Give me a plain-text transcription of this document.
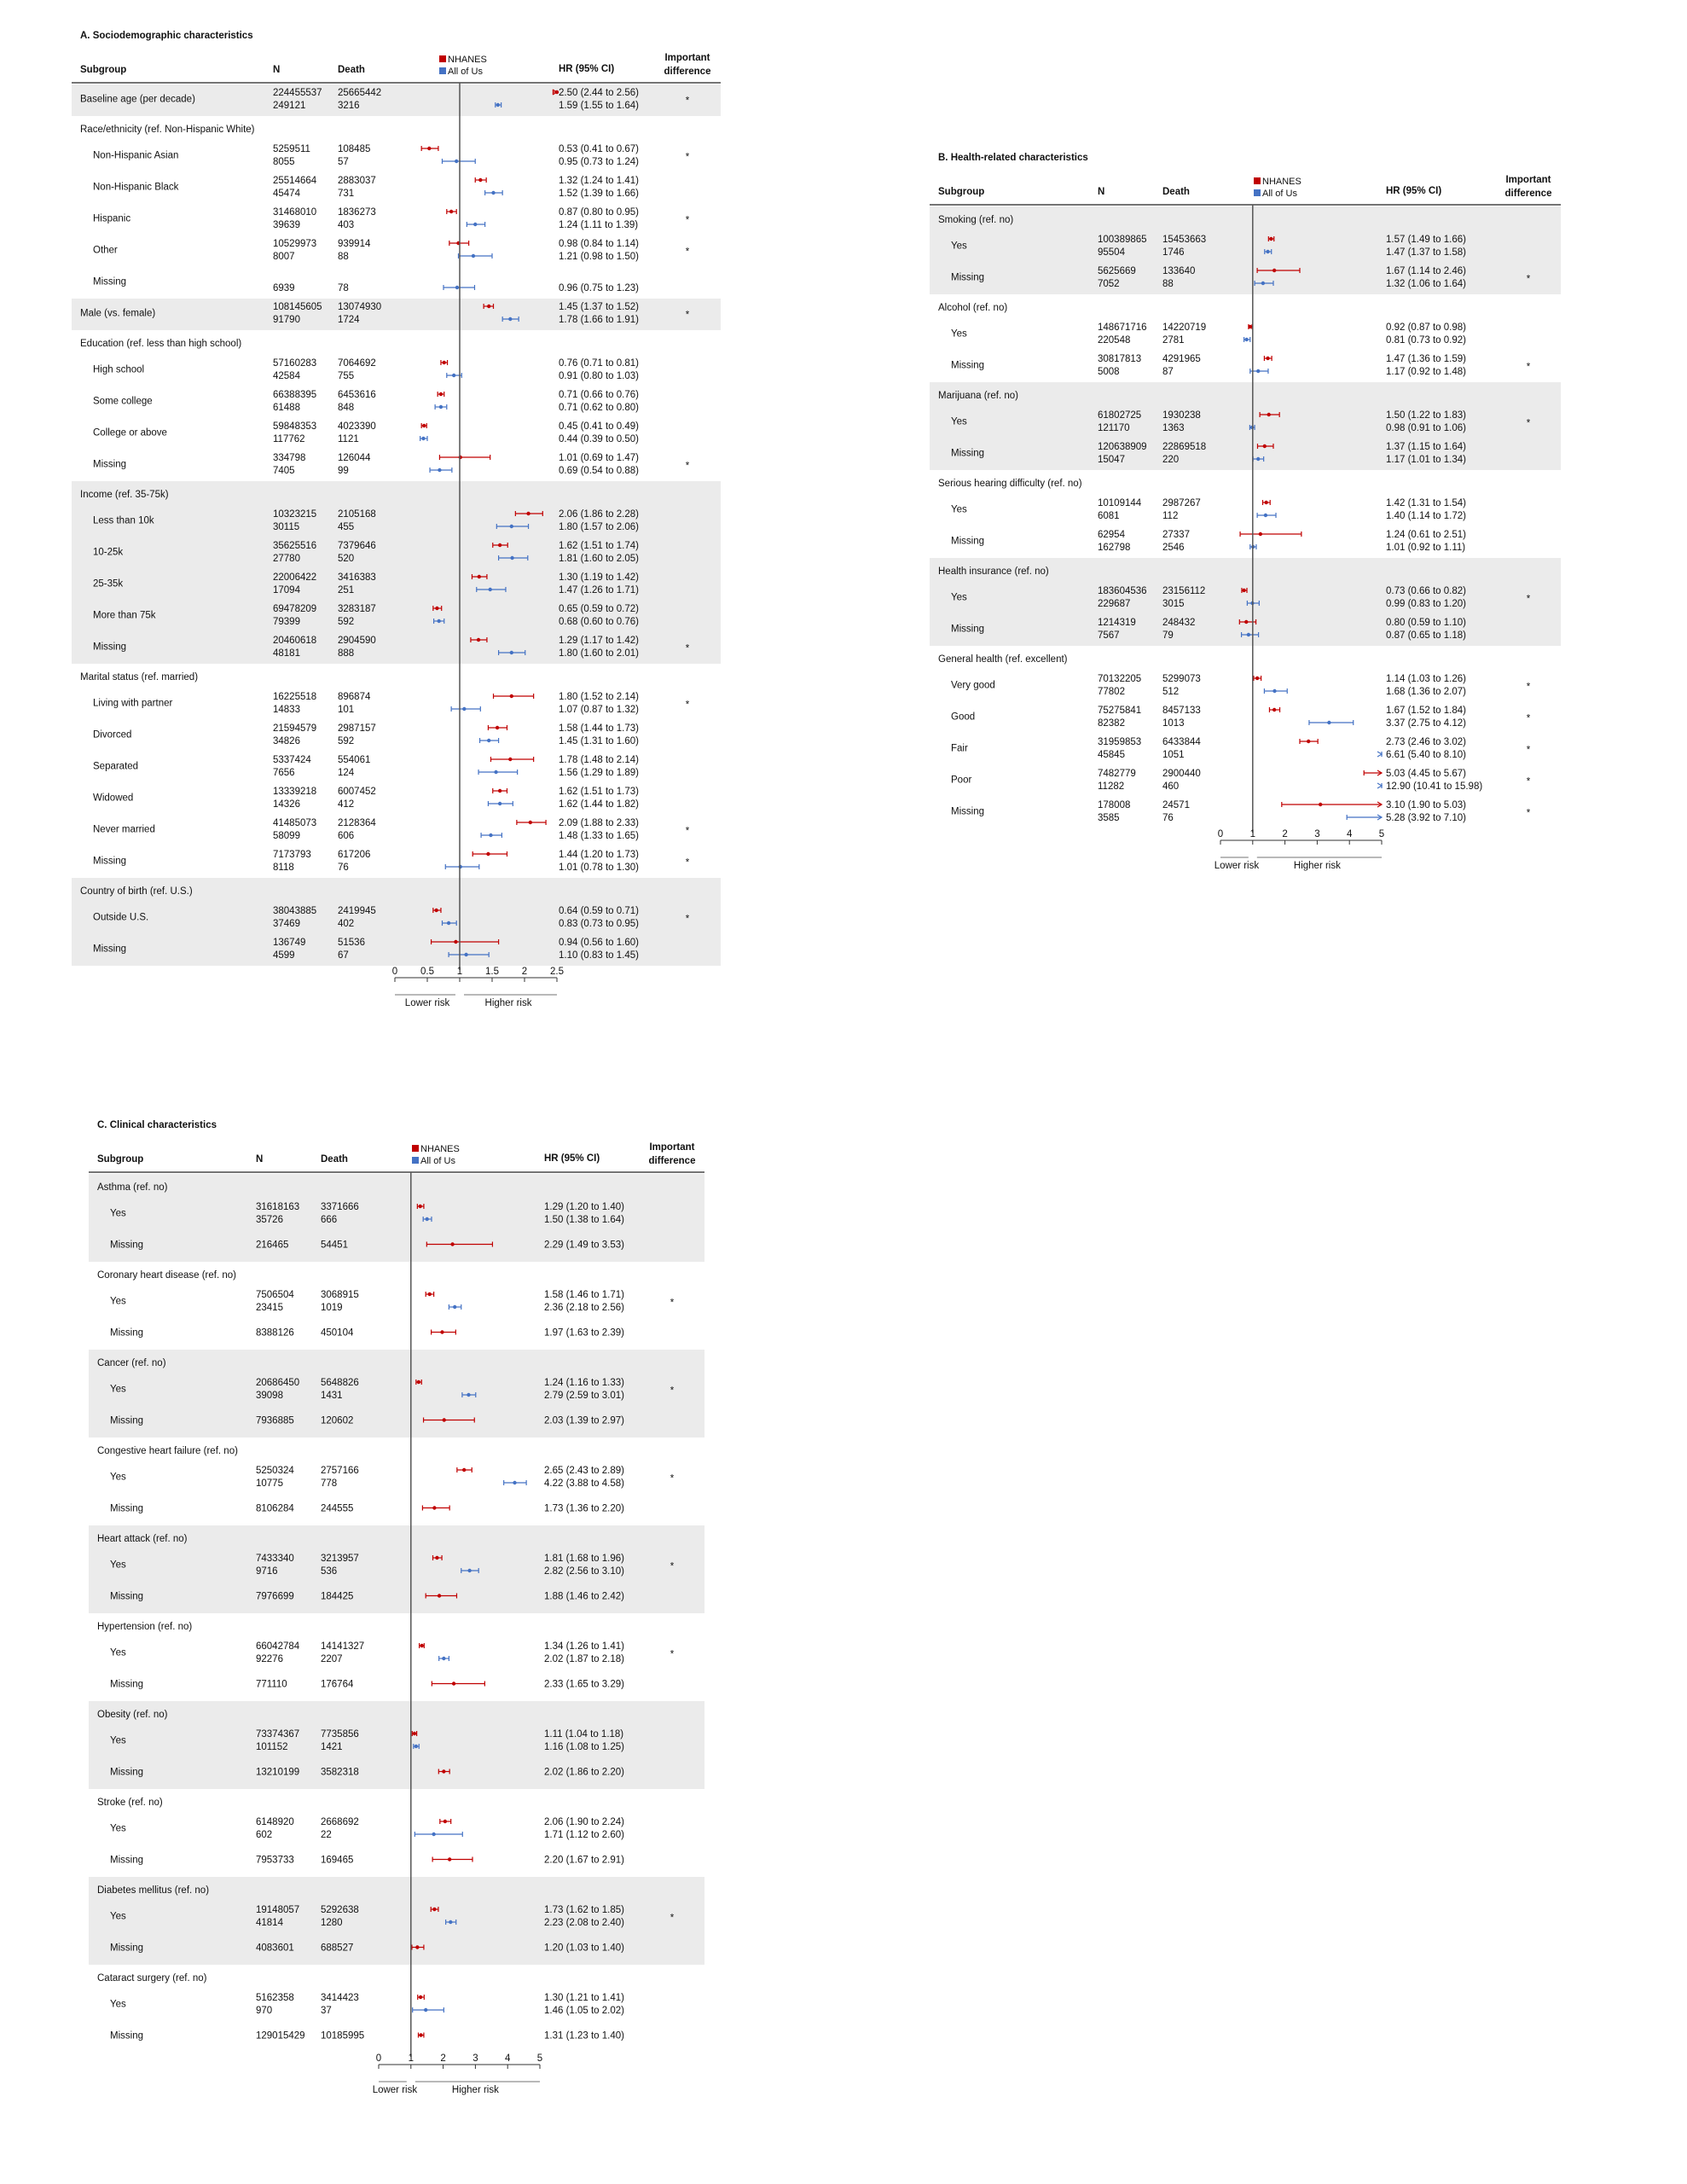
A. Sociodemographic characteristics
Subgroup	N	Death	HR (95% CI)
Important
difference
NHANES
All of Us
Baseline age (per decade)
224455537 25665442	2.50 (2.44 to 2.56)
249121	3216	1.59 (1.55 to 1.64)	*
Race/ethnicity (ref. Non-Hispanic White)
Non-Hispanic Asian
5259511	108485	0.53 (0.41 to 0.67)
8055	57	0.95 (0.73 to 1.24)	*
Non-Hispanic Black
25514664 2883037	1.32 (1.24 to 1.41)
45474	731	1.52 (1.39 to 1.66)
Hispanic
31468010 1836273	0.87 (0.80 to 0.95)
39639	403	1.24 (1.11 to 1.39)	*
Other
10529973 939914	0.98 (0.84 to 1.14)
8007	88	1.21 (0.98 to 1.50)	*
Missing
6939	78	0.96 (0.75 to 1.23)
Male (vs. female)
108145605 13074930	1.45 (1.37 to 1.52)
91790	1724	1.78 (1.66 to 1.91)	*
Education (ref. less than high school)
High school
57160283 7064692	0.76 (0.71 to 0.81)
42584	755	0.91 (0.80 to 1.03)
Some college
66388395 6453616	0.71 (0.66 to 0.76)
61488	848	0.71 (0.62 to 0.80)
College or above
59848353 4023390	0.45 (0.41 to 0.49)
117762	1121	0.44 (0.39 to 0.50)
Missing
334798	126044	1.01 (0.69 to 1.47)
7405	99	0.69 (0.54 to 0.88)	*
Income (ref. 35-75k)
Less than 10k
10323215 2105168	2.06 (1.86 to 2.28)
30115	455	1.80 (1.57 to 2.06)
10-25k
35625516 7379646	1.62 (1.51 to 1.74)
27780	520	1.81 (1.60 to 2.05)
25-35k
22006422 3416383	1.30 (1.19 to 1.42)
17094	251	1.47 (1.26 to 1.71)
More than 75k
69478209 3283187	0.65 (0.59 to 0.72)
79399	592	0.68 (0.60 to 0.76)
Missing
20460618 2904590	1.29 (1.17 to 1.42)
48181	888	1.80 (1.60 to 2.01)	*
Marital status (ref. married)
Living with partner
16225518 896874	1.80 (1.52 to 2.14)
14833	101	1.07 (0.87 to 1.32)	*
Divorced
21594579 2987157	1.58 (1.44 to 1.73)
34826	592	1.45 (1.31 to 1.60)
Separated
5337424	554061	1.78 (1.48 to 2.14)
7656	124	1.56 (1.29 to 1.89)
Widowed
13339218 6007452	1.62 (1.51 to 1.73)
14326	412	1.62 (1.44 to 1.82)
Never married
41485073 2128364	2.09 (1.88 to 2.33)
58099	606	1.48 (1.33 to 1.65)	*
Missing
7173793	617206	1.44 (1.20 to 1.73)
8118	76	1.01 (0.78 to 1.30)	*
Country of birth (ref. U.S.)
Outside U.S.
38043885 2419945	0.64 (0.59 to 0.71)
37469	402	0.83 (0.73 to 0.95)	*
Missing
136749	51536	0.94 (0.56 to 1.60)
4599	67	1.10 (0.83 to 1.45)
0 0.5 1 1.5 2 2.5
Lower risk	Higher risk
B. Health-related characteristics
Subgroup	N	Death	HR (95% CI)
Important
difference
NHANES
All of Us
Smoking (ref. no)
Yes
100389865 15453663	1.57 (1.49 to 1.66)
95504	1746	1.47 (1.37 to 1.58)
Missing
5625669	133640	1.67 (1.14 to 2.46)
7052	88	1.32 (1.06 to 1.64)	*
Alcohol (ref. no)
Yes
148671716 14220719	0.92 (0.87 to 0.98)
220548	2781	0.81 (0.73 to 0.92)
Missing
30817813 4291965	1.47 (1.36 to 1.59)
5008	87	1.17 (0.92 to 1.48)	*
Marijuana (ref. no)
Yes
61802725 1930238	1.50 (1.22 to 1.83)
121170	1363	0.98 (0.91 to 1.06)	*
Missing
120638909 22869518	1.37 (1.15 to 1.64)
15047	220	1.17 (1.01 to 1.34)
Serious hearing difficulty (ref. no)
Yes
10109144 2987267	1.42 (1.31 to 1.54)
6081	112	1.40 (1.14 to 1.72)
Missing
62954	27337	1.24 (0.61 to 2.51)
162798	2546	1.01 (0.92 to 1.11)
Health insurance (ref. no)
Yes
183604536 23156112	0.73 (0.66 to 0.82)
229687	3015	0.99 (0.83 to 1.20)	*
Missing
1214319	248432	0.80 (0.59 to 1.10)
7567	79	0.87 (0.65 to 1.18)
General health (ref. excellent)
Very good
70132205 5299073	1.14 (1.03 to 1.26)
77802	512	1.68 (1.36 to 2.07)	*
Good
75275841 8457133	1.67 (1.52 to 1.84)
82382	1013	3.37 (2.75 to 4.12)	*
Fair
31959853 6433844	2.73 (2.46 to 3.02)
45845	1051	6.61 (5.40 to 8.10)	*
Poor
7482779	2900440	5.03 (4.45 to 5.67)
11282	460	12.90 (10.41 to 15.98)	*
Missing
178008	24571	3.10 (1.90 to 5.03)
3585	76	5.28 (3.92 to 7.10)	*
0	1	2	3	4	5
Lower risk	Higher risk
C. Clinical characteristics
Subgroup	N	Death	HR (95% CI)
Important
difference
NHANES
All of Us
Asthma (ref. no)
Yes
31618163 3371666	1.29 (1.20 to 1.40)
35726	666	1.50 (1.38 to 1.64)
Missing	216465	54451	2.29 (1.49 to 3.53)
Coronary heart disease (ref. no)
Yes
7506504	3068915	1.58 (1.46 to 1.71)
23415	1019	2.36 (2.18 to 2.56)	*
Missing	8388126	450104	1.97 (1.63 to 2.39)
Cancer (ref. no)
Yes
20686450 5648826	1.24 (1.16 to 1.33)
39098	1431	2.79 (2.59 to 3.01)	*
Missing	7936885	120602	2.03 (1.39 to 2.97)
Congestive heart failure (ref. no)
Yes
5250324	2757166	2.65 (2.43 to 2.89)
10775	778	4.22 (3.88 to 4.58)	*
Missing	8106284	244555	1.73 (1.36 to 2.20)
Heart attack (ref. no)
Yes
7433340	3213957	1.81 (1.68 to 1.96)
9716	536	2.82 (2.56 to 3.10)	*
Missing	7976699	184425	1.88 (1.46 to 2.42)
Hypertension (ref. no)
Yes
66042784 14141327	1.34 (1.26 to 1.41)
92276	2207	2.02 (1.87 to 2.18)	*
Missing	771110	176764	2.33 (1.65 to 3.29)
Obesity (ref. no)
Yes
73374367 7735856	1.11 (1.04 to 1.18)
101152	1421	1.16 (1.08 to 1.25)
Missing	13210199 3582318	2.02 (1.86 to 2.20)
Stroke (ref. no)
Yes
6148920	2668692	2.06 (1.90 to 2.24)
602	22	1.71 (1.12 to 2.60)
Missing	7953733	169465	2.20 (1.67 to 2.91)
Diabetes mellitus (ref. no)
Yes
19148057 5292638	1.73 (1.62 to 1.85)
41814	1280	2.23 (2.08 to 2.40)	*
Missing	4083601	688527	1.20 (1.03 to 1.40)
Cataract surgery (ref. no)
Yes
5162358	3414423	1.30 (1.21 to 1.41)
970	37	1.46 (1.05 to 2.02)
Missing	129015429 10185995	1.31 (1.23 to 1.40)
0	1	2	3	4	5
Lower risk	Higher risk
